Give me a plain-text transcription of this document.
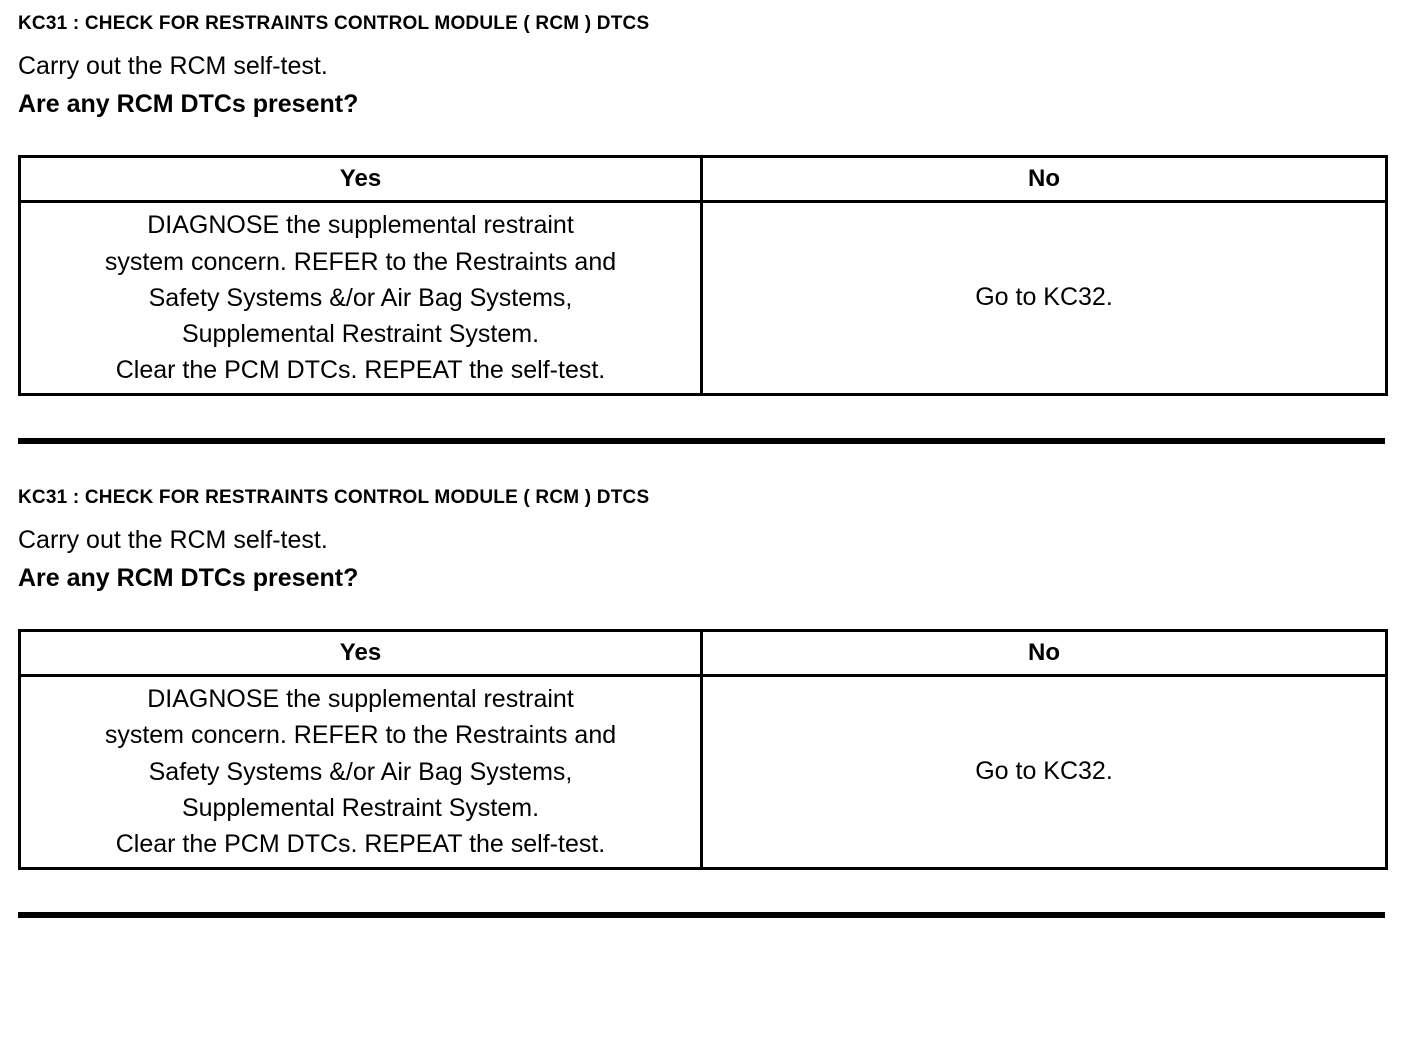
KC31 : CHECK FOR RESTRAINTS CONTROL MODULE ( RCM ) DTCS
Carry out the RCM self-test.
Are any RCM DTCs present?
Yes	No

DIAGNOSE the supplemental restraint
system concern. REFER to the Restraints and
Safety Systems &/or Air Bag Systems,
Supplemental Restraint System.
Clear the PCM DTCs. REPEAT the self-test.	Go to KC32.
KC31 : CHECK FOR RESTRAINTS CONTROL MODULE ( RCM ) DTCS
Carry out the RCM self-test.
Are any RCM DTCs present?
Yes	No

DIAGNOSE the supplemental restraint
system concern. REFER to the Restraints and
Safety Systems &/or Air Bag Systems,
Supplemental Restraint System.
Clear the PCM DTCs. REPEAT the self-test.	Go to KC32.
